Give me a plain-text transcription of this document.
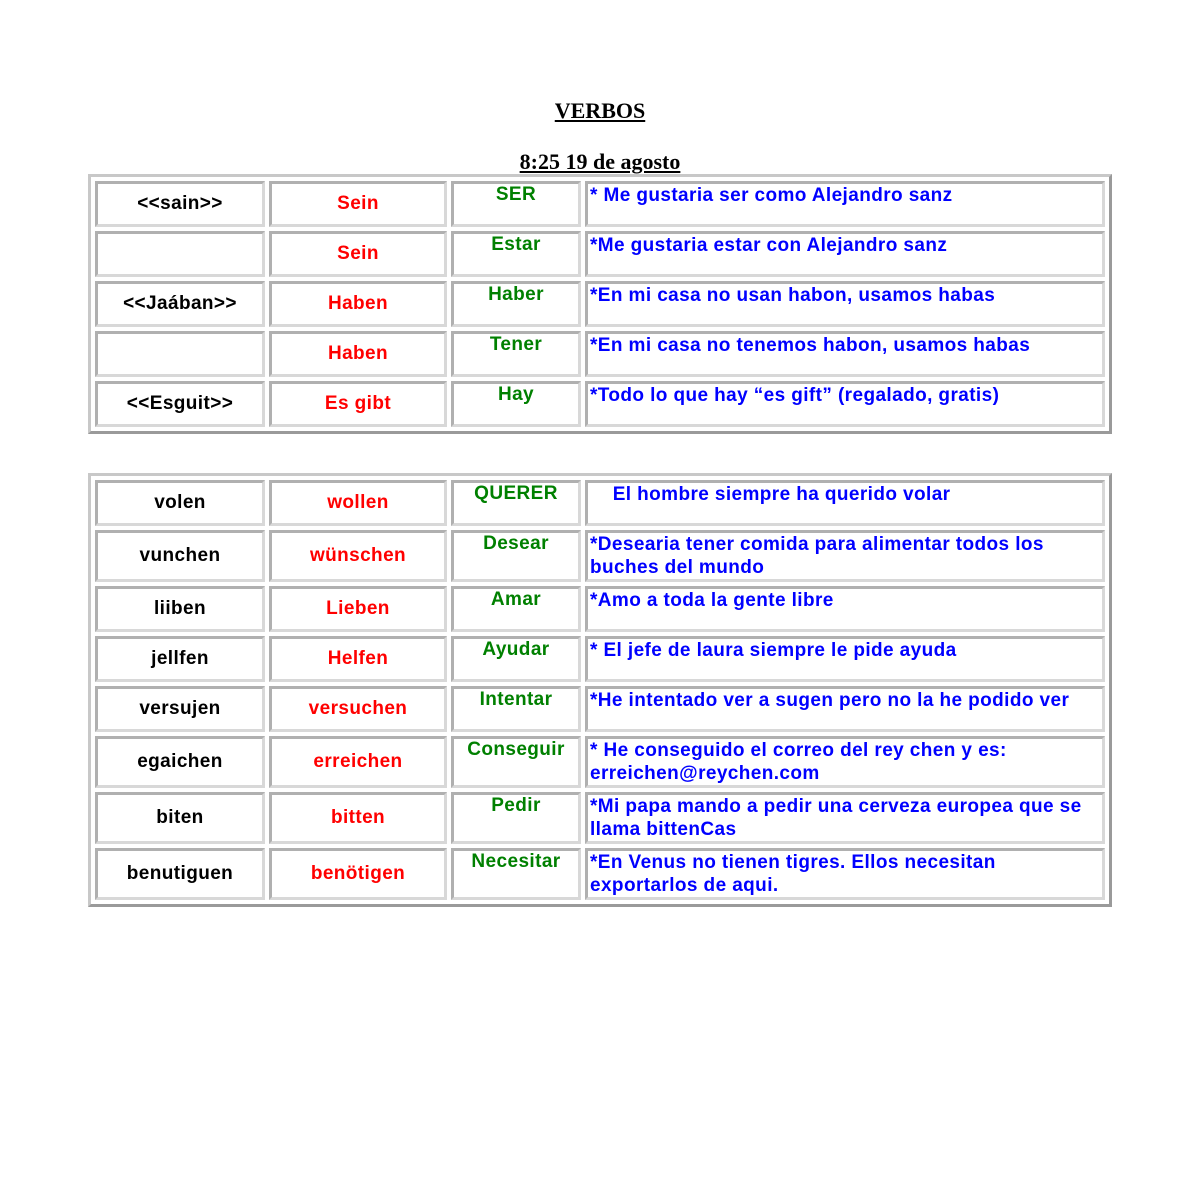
VERBOS
8:25 19 de agosto
<<sain>>	Sein	SER	* Me gustaria ser como Alejandro sanz
	Sein	Estar	*Me gustaria estar con Alejandro sanz
<<Jaában>>	Haben	Haber	*En mi casa no usan habon, usamos habas
	Haben	Tener	*En mi casa no tenemos habon, usamos habas
<<Esguit>>	Es gibt	Hay	*Todo lo que hay “es gift” (regalado, gratis)
volen	wollen	QUERER	El hombre siempre ha querido volar
vunchen	wünschen	Desear	*Desearia tener comida para alimentar todos los buches del mundo
liiben	Lieben	Amar	*Amo a toda la gente libre
jellfen	Helfen	Ayudar	* El jefe de laura siempre le pide ayuda
versujen	versuchen	Intentar	*He intentado ver a sugen pero no la he podido ver
egaichen	erreichen	Conseguir	* He conseguido el correo del rey chen y es: erreichen@reychen.com
biten	bitten	Pedir	*Mi papa mando a pedir una cerveza europea que se llama bittenCas
benutiguen	benötigen	Necesitar	*En Venus no tienen tigres. Ellos necesitan exportarlos de aqui.
